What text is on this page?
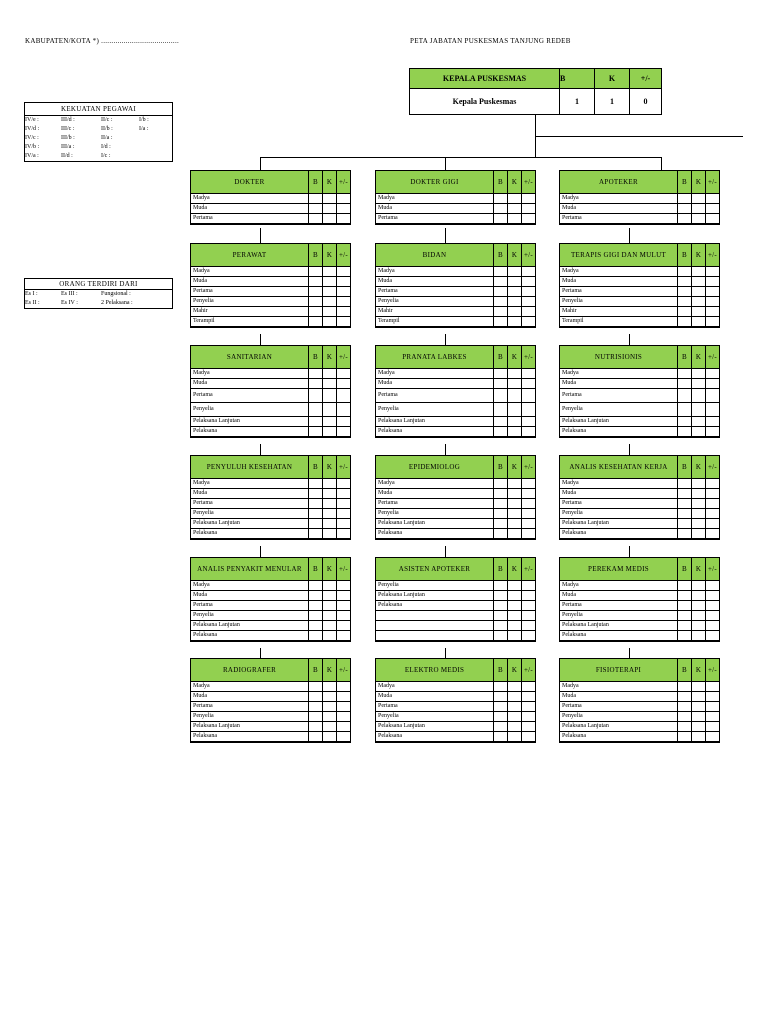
KABUPATEN/KOTA *) ......................................	PETA JABATAN PUSKESMAS TANJUNG REDEB
KEPALA PUSKESMAS	B	K	+/-
Kepala Puskesmas	1	1	0
KEKUATAN PEGAWAI
IV/e :	III/d :	II/c :	I/b :
IV/d :	III/c :	II/b :	I/a :
IV/c :	III/b :	II/a :
IV/b :	III/a :	I/d :
IV/a :	II/d :	I/c :
ORANG TERDIRI DARI
Es I :	Es III :	Fungsional :
Es II :	Es IV :	2 Pelaksana :
DOKTER	B	K	+/-
Madya			
Muda			
Pertama			
DOKTER GIGI	B	K	+/-
Madya			
Muda			
Pertama			
APOTEKER	B	K	+/-
Madya			
Muda			
Pertama			
PERAWAT	B	K	+/-
Madya			
Muda			
Pertama			
Penyelia			
Mahir			
Terampil			
BIDAN	B	K	+/-
Madya			
Muda			
Pertama			
Penyelia			
Mahir			
Terampil			
TERAPIS GIGI DAN MULUT	B	K	+/-
Madya			
Muda			
Pertama			
Penyelia			
Mahir			
Terampil			
SANITARIAN	B	K	+/-
Madya			
Muda			
Pertama			
Penyelia			
Pelaksana Lanjutan			
Pelaksana			
PRANATA LABKES	B	K	+/-
Madya			
Muda			
Pertama			
Penyelia			
Pelaksana Lanjutan			
Pelaksana			
NUTRISIONIS	B	K	+/-
Madya			
Muda			
Pertama			
Penyelia			
Pelaksana Lanjutan			
Pelaksana			
PENYULUH KESEHATAN	B	K	+/-
Madya			
Muda			
Pertama			
Penyelia			
Pelaksana Lanjutan			
Pelaksana			
EPIDEMIOLOG	B	K	+/-
Madya			
Muda			
Pertama			
Penyelia			
Pelaksana Lanjutan			
Pelaksana			
ANALIS KESEHATAN KERJA	B	K	+/-
Madya			
Muda			
Pertama			
Penyelia			
Pelaksana Lanjutan			
Pelaksana			
ANALIS PENYAKIT MENULAR	B	K	+/-
Madya			
Muda			
Pertama			
Penyelia			
Pelaksana Lanjutan			
Pelaksana			
ASISTEN APOTEKER	B	K	+/-
Penyelia			
Pelaksana Lanjutan			
Pelaksana			

PEREKAM MEDIS	B	K	+/-
Madya			
Muda			
Pertama			
Penyelia			
Pelaksana Lanjutan			
Pelaksana			
RADIOGRAFER	B	K	+/-
Madya			
Muda			
Pertama			
Penyelia			
Pelaksana Lanjutan			
Pelaksana			
ELEKTRO MEDIS	B	K	+/-
Madya			
Muda			
Pertama			
Penyelia			
Pelaksana Lanjutan			
Pelaksana			
FISIOTERAPI	B	K	+/-
Madya			
Muda			
Pertama			
Penyelia			
Pelaksana Lanjutan			
Pelaksana			
